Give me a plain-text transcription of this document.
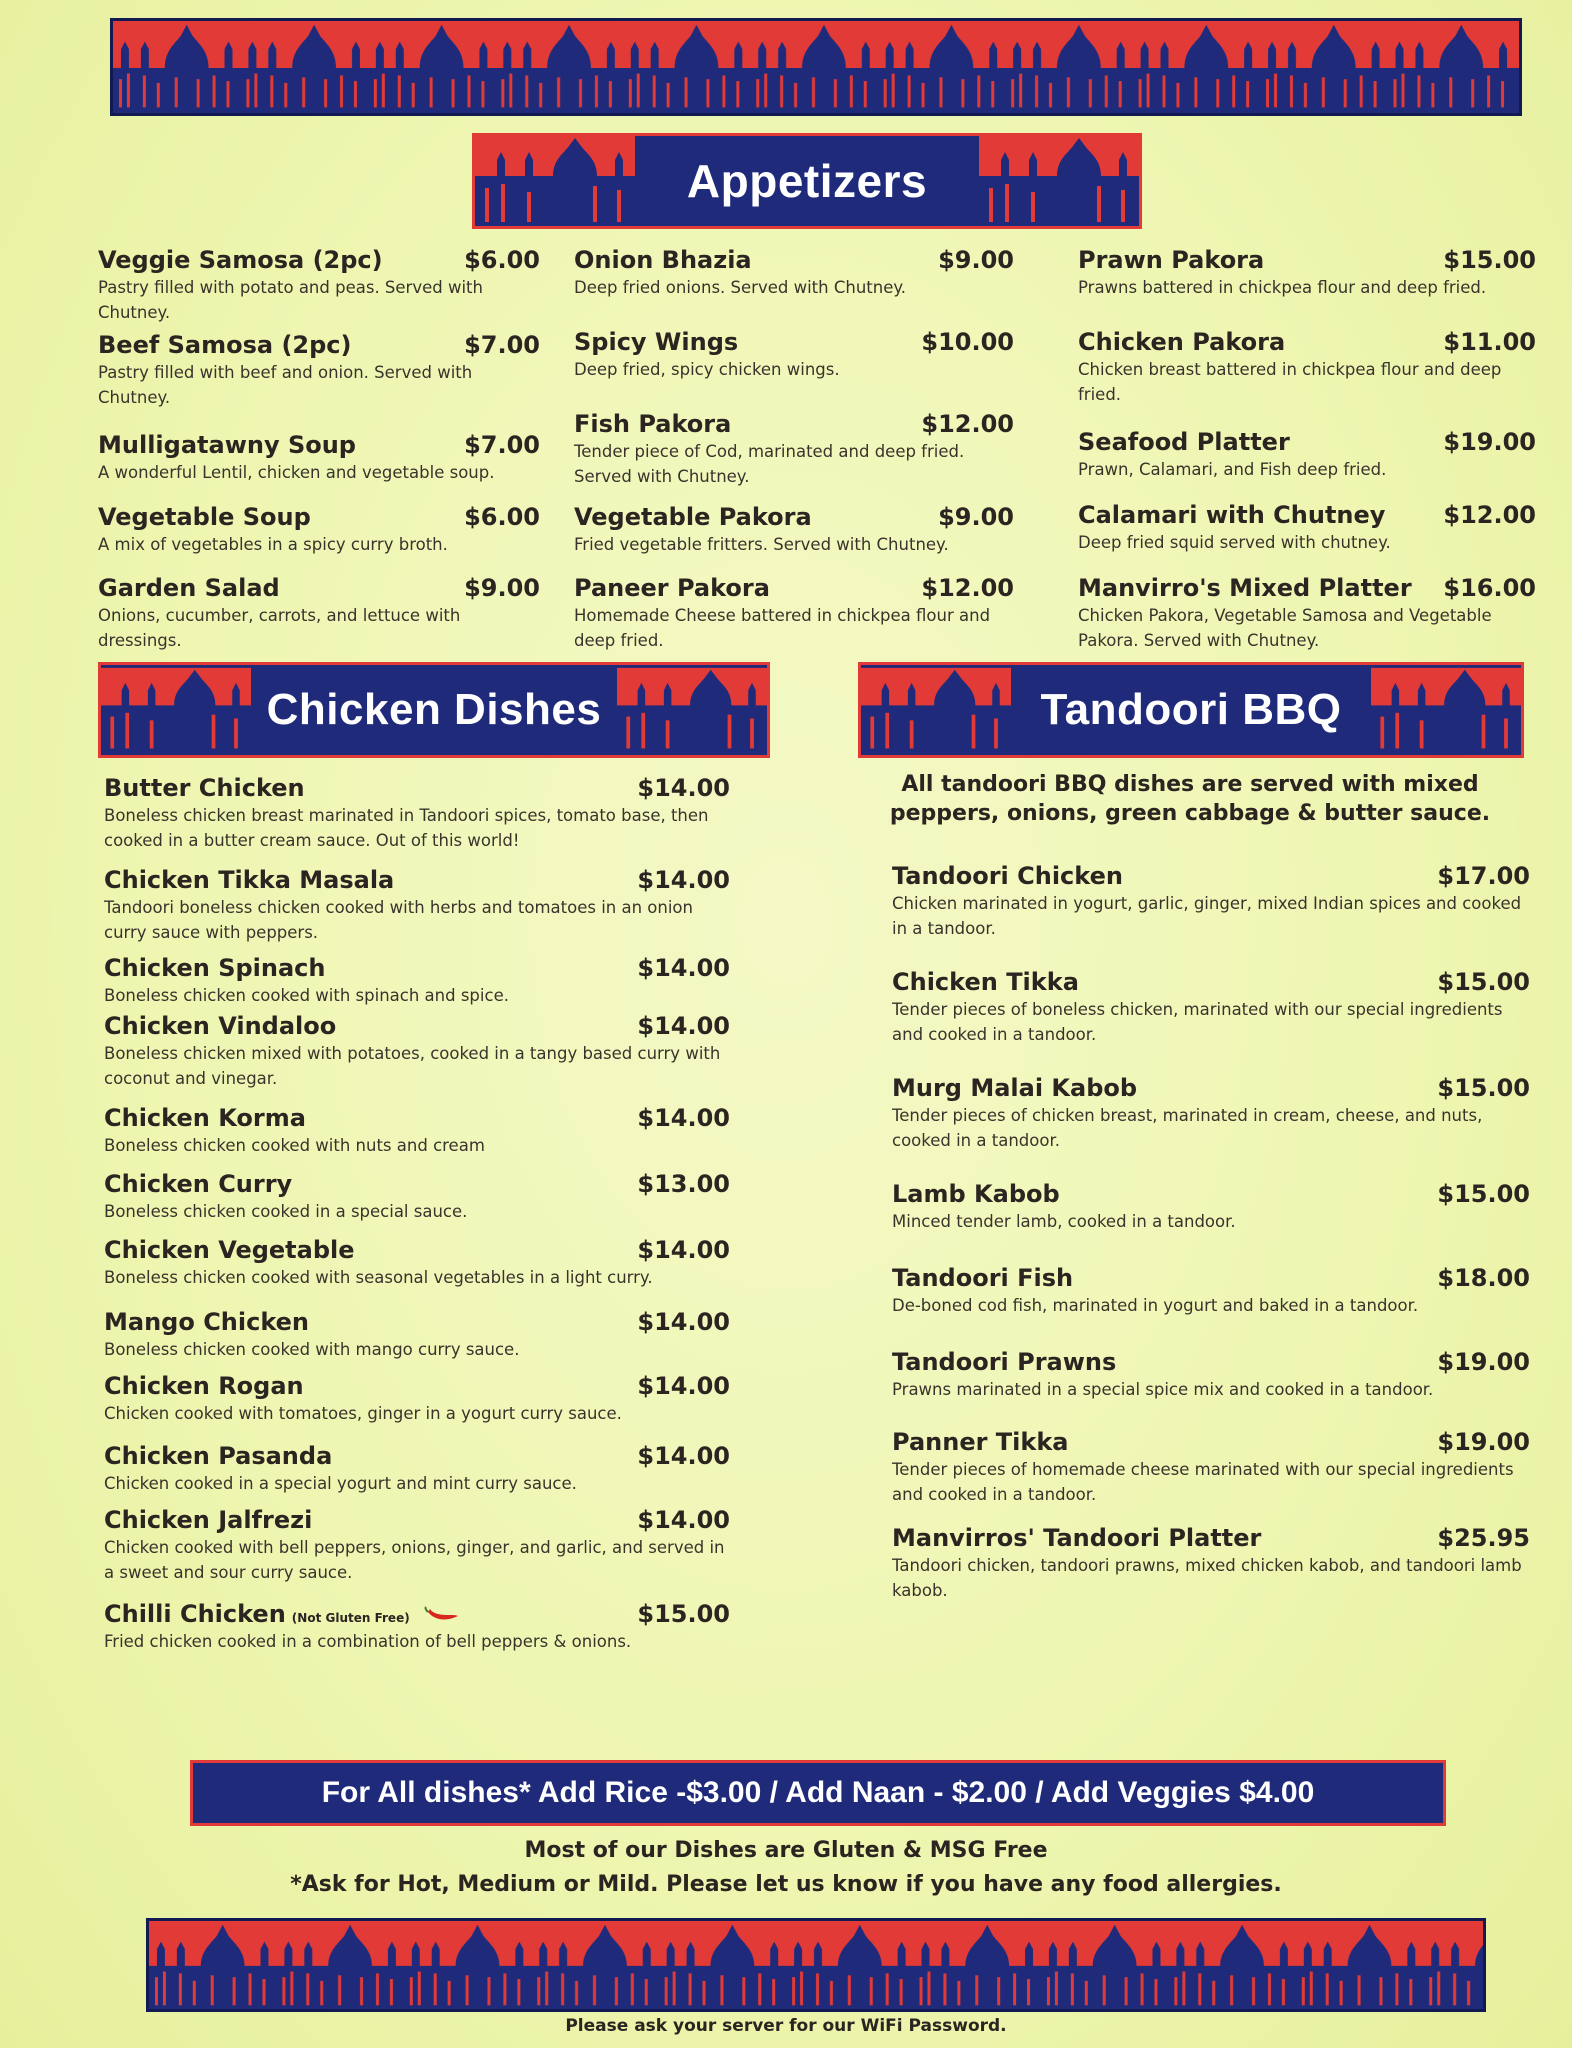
Appetizers
Veggie Samosa (2pc)	$6.00
Pastry filled with potato and peas. Served with Chutney.
Beef Samosa (2pc)	$7.00
Pastry filled with beef and onion. Served with Chutney.
Mulligatawny Soup	$7.00
A wonderful Lentil, chicken and vegetable soup.
Vegetable Soup	$6.00
A mix of vegetables in a spicy curry broth.
Garden Salad	$9.00
Onions, cucumber, carrots, and lettuce with dressings.
Onion Bhazia	$9.00
Deep fried onions. Served with Chutney.
Spicy Wings	$10.00
Deep fried, spicy chicken wings.
Fish Pakora	$12.00
Tender piece of Cod, marinated and deep fried. Served with Chutney.
Vegetable Pakora	$9.00
Fried vegetable fritters. Served with Chutney.
Paneer Pakora	$12.00
Homemade Cheese battered in chickpea flour and deep fried.
Prawn Pakora	$15.00
Prawns battered in chickpea flour and deep fried.
Chicken Pakora	$11.00
Chicken breast battered in chickpea flour and deep fried.
Seafood Platter	$19.00
Prawn, Calamari, and Fish deep fried.
Calamari with Chutney $12.00
Deep fried squid served with chutney.
Manvirro's Mixed Platter $16.00
Chicken Pakora, Vegetable Samosa and Vegetable Pakora. Served with Chutney.
Chicken Dishes	Tandoori BBQ
Butter Chicken	$14.00
Boneless chicken breast marinated in Tandoori spices, tomato base, then cooked in a butter cream sauce. Out of this world!
Chicken Tikka Masala	$14.00
Tandoori boneless chicken cooked with herbs and tomatoes in an onion curry sauce with peppers.
Chicken Spinach	$14.00
Boneless chicken cooked with spinach and spice.
Chicken Vindaloo	$14.00
Boneless chicken mixed with potatoes, cooked in a tangy based curry with coconut and vinegar.
Chicken Korma	$14.00
Boneless chicken cooked with nuts and cream
Chicken Curry	$13.00
Boneless chicken cooked in a special sauce.
Chicken Vegetable	$14.00
Boneless chicken cooked with seasonal vegetables in a light curry.
Mango Chicken	$14.00
Boneless chicken cooked with mango curry sauce.
Chicken Rogan	$14.00
Chicken cooked with tomatoes, ginger in a yogurt curry sauce.
Chicken Pasanda	$14.00
Chicken cooked in a special yogurt and mint curry sauce.
Chicken Jalfrezi	$14.00
Chicken cooked with bell peppers, onions, ginger, and garlic, and served in a sweet and sour curry sauce.
Chilli Chicken (Not Gluten Free)	$15.00
Fried chicken cooked in a combination of bell peppers & onions.
All tandoori BBQ dishes are served with mixed peppers, onions, green cabbage & butter sauce.
Tandoori Chicken	$17.00
Chicken marinated in yogurt, garlic, ginger, mixed Indian spices and cooked in a tandoor.
Chicken Tikka	$15.00
Tender pieces of boneless chicken, marinated with our special ingredients and cooked in a tandoor.
Murg Malai Kabob	$15.00
Tender pieces of chicken breast, marinated in cream, cheese, and nuts, cooked in a tandoor.
Lamb Kabob	$15.00
Minced tender lamb, cooked in a tandoor.
Tandoori Fish	$18.00
De-boned cod fish, marinated in yogurt and baked in a tandoor.
Tandoori Prawns	$19.00
Prawns marinated in a special spice mix and cooked in a tandoor.
Panner Tikka	$19.00
Tender pieces of homemade cheese marinated with our special ingredients and cooked in a tandoor.
Manvirros' Tandoori Platter	$25.95
Tandoori chicken, tandoori prawns, mixed chicken kabob, and tandoori lamb kabob.
For All dishes* Add Rice -$3.00 / Add Naan - $2.00 / Add Veggies $4.00
Most of our Dishes are Gluten & MSG Free
*Ask for Hot, Medium or Mild. Please let us know if you have any food allergies.
Please ask your server for our WiFi Password.
